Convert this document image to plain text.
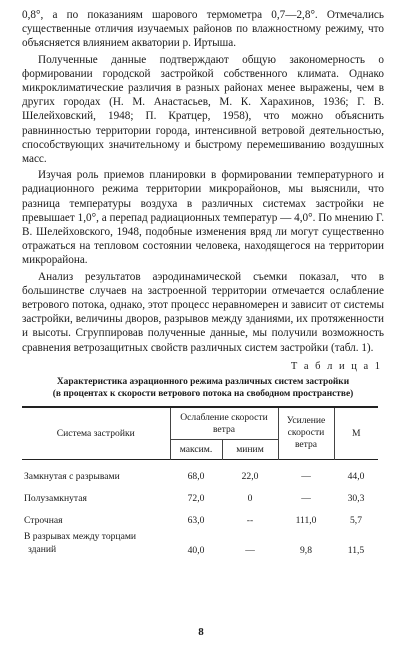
0,8°, а по показаниям шарового термометра 0,7—2,8°. Отмечались существенные отличия изучаемых районов по влажностному режиму, что объясняется влиянием акватории р. Иртыша.

Полученные данные подтверждают общую закономерность о формировании городской застройкой собственного климата. Однако микроклиматические различия в разных районах менее выражены, чем в других городах (Н. М. Анастасьев, М. К. Харахинов, 1936; Г. В. Шелейховский, 1948; П. Кратцер, 1958), что можно объяснить равнинностью территории города, интенсивной ветровой деятельностью, способствующих значительному и быстрому перемешиванию воздушных масс.

Изучая роль приемов планировки в формировании температурного и радиационного режима территории микрорайонов, мы выяснили, что разница температуры воздуха в различных системах застройки не превышает 1,0°, а перепад радиационных температур — 4,0°. По мнению Г. В. Шелейховского, 1948, подобные изменения вряд ли могут существенно отражаться на тепловом состоянии человека, находящегося на территории микрорайона.

Анализ результатов аэродинамической съемки показал, что в большинстве случаев на застроенной территории отмечается ослабление ветрового потока, однако, этот процесс неравномерен и зависит от системы застройки, величины дворов, разрывов между зданиями, их протяженности и высоты. Сгруппировав полученные данные, мы получили возможность сравнения ветрозащитных свойств различных систем застройки (табл. 1).

Т а б л и ц а 1

Характеристика аэрационного режима различных систем застройки
(в процентах к скорости ветрового потока на свободном пространстве)

Система застройки	Ослабление скорости ветра		Усиление скорости ветра	М
	максим.	миним		
Замкнутая с разрывами	68,0	22,0	—	44,0
Полузамкнутая	72,0	0	—	30,3
Строчная	63,0	--	111,0	5,7
В разрывах между торцами
зданий	40,0	—	9,8	11,5
8
